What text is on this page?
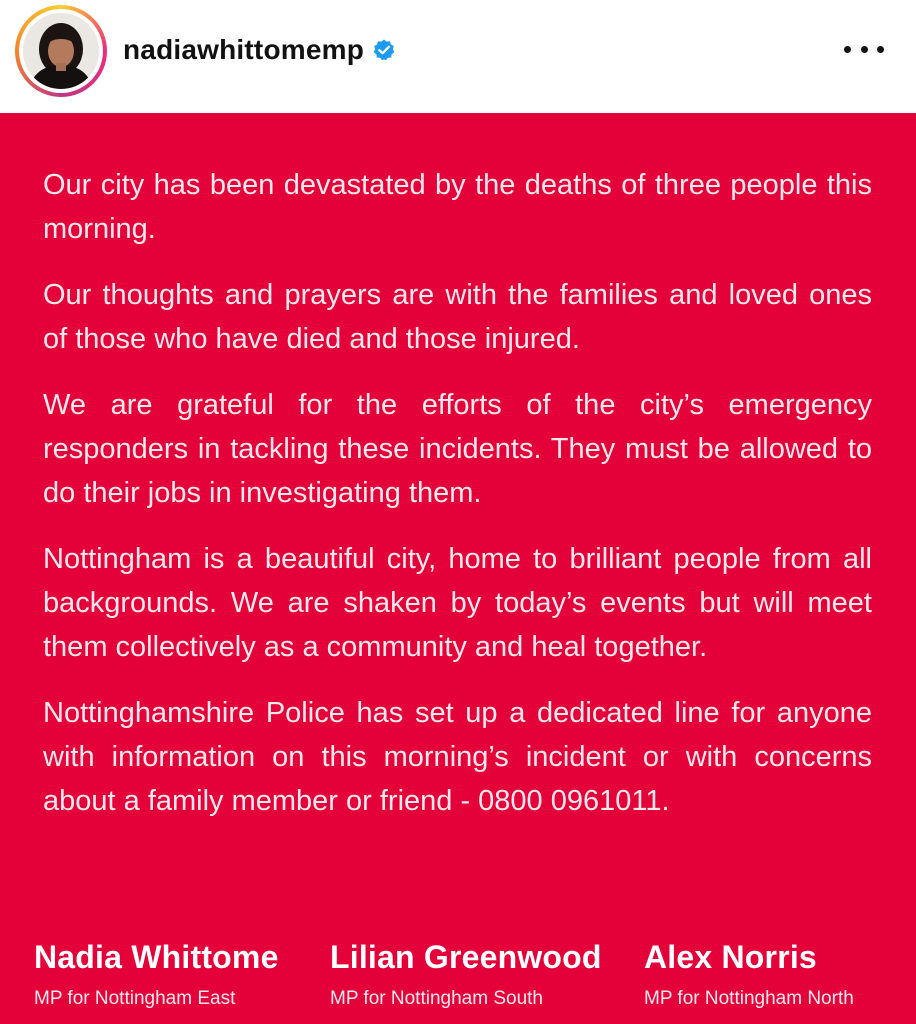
nadiawhittomemp

Our city has been devastated by the deaths of three people this morning.

Our thoughts and prayers are with the families and loved ones of those who have died and those injured.

We are grateful for the efforts of the city’s emergency responders in tackling these incidents. They must be allowed to do their jobs in investigating them.

Nottingham is a beautiful city, home to brilliant people from all backgrounds. We are shaken by today’s events but will meet them collectively as a community and heal together.

Nottinghamshire Police has set up a dedicated line for anyone with information on this morning’s incident or with concerns about a family member or friend - 0800 0961011.

Nadia Whittome
MP for Nottingham East
Lilian Greenwood
MP for Nottingham South
Alex Norris
MP for Nottingham North
